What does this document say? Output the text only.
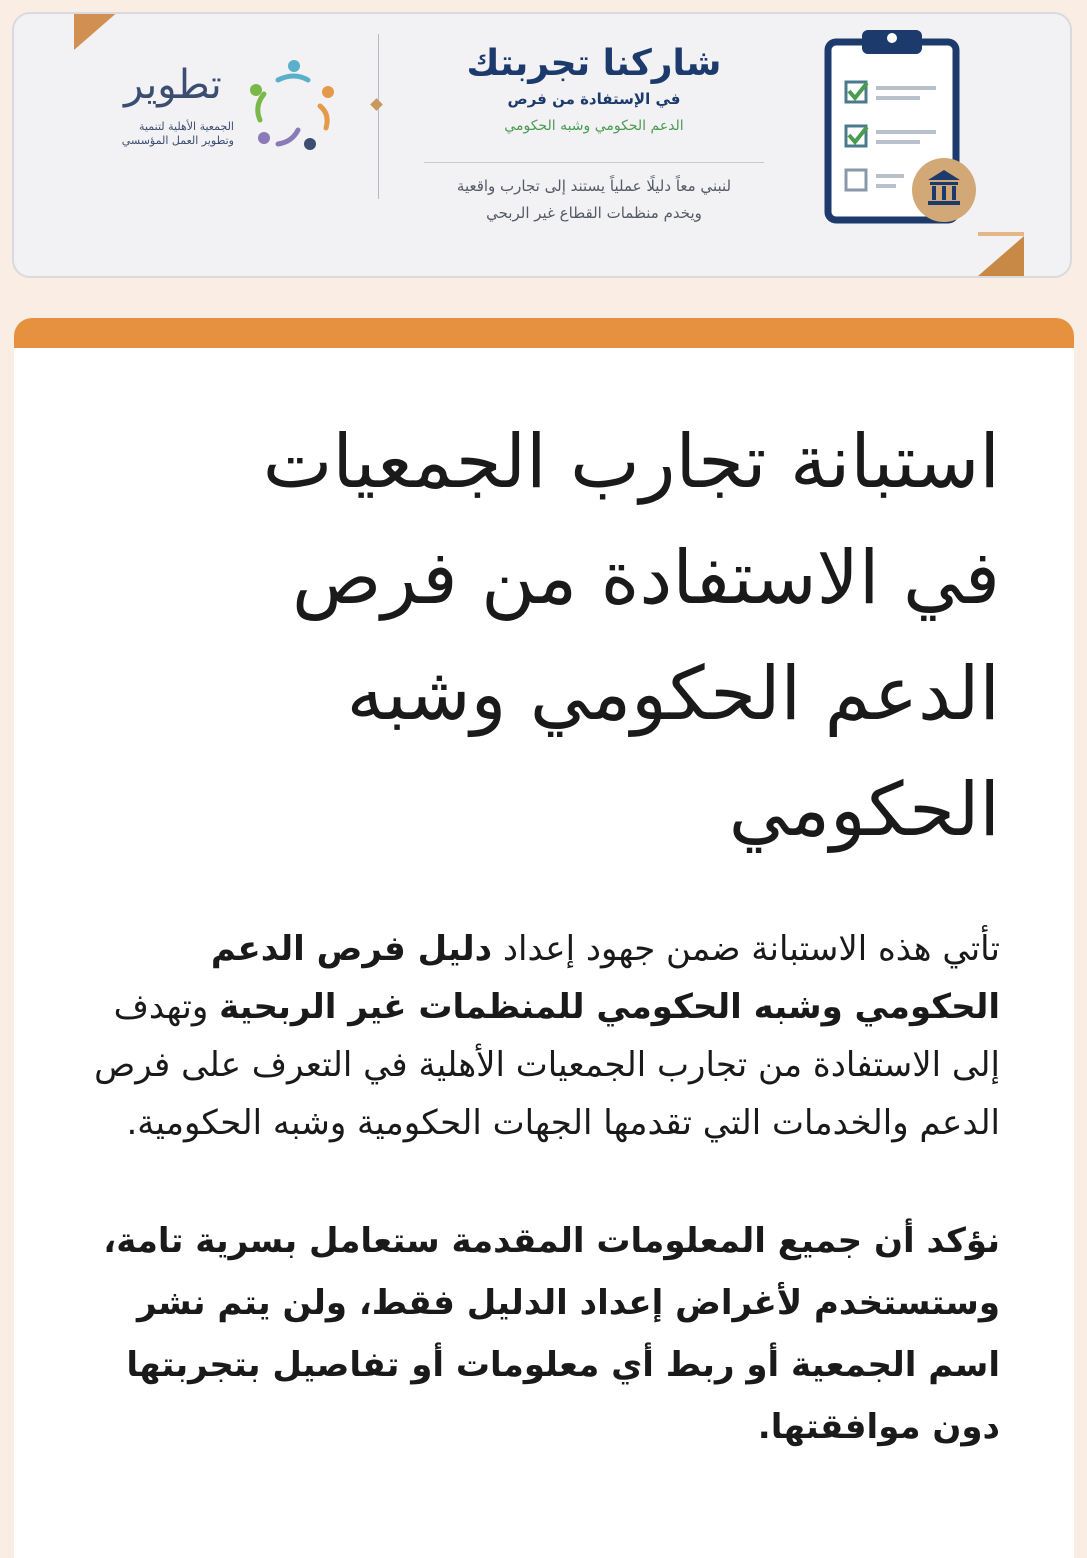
شاركنا تجربتك
في الإستفادة من فرص
الدعم الحكومي وشبه الحكومي
لنبني معاً دليلًا عملياً يستند إلى تجارب واقعية
ويخدم منظمات القطاع غير الربحي
تطوير
الجمعية الأهلية لتنمية
وتطوير العمل المؤسسي
استبانة تجارب الجمعيات
في الاستفادة من فرص
الدعم الحكومي وشبه
الحكومي

تأتي هذه الاستبانة ضمن جهود إعداد دليل فرص الدعم الحكومي وشبه الحكومي للمنظمات غير الربحية وتهدف إلى الاستفادة من تجارب الجمعيات الأهلية في التعرف على فرص الدعم والخدمات التي تقدمها الجهات الحكومية وشبه الحكومية.

نؤكد أن جميع المعلومات المقدمة ستعامل بسرية تامة، وستستخدم لأغراض إعداد الدليل فقط، ولن يتم نشر اسم الجمعية أو ربط أي معلومات أو تفاصيل بتجربتها دون موافقتها.
